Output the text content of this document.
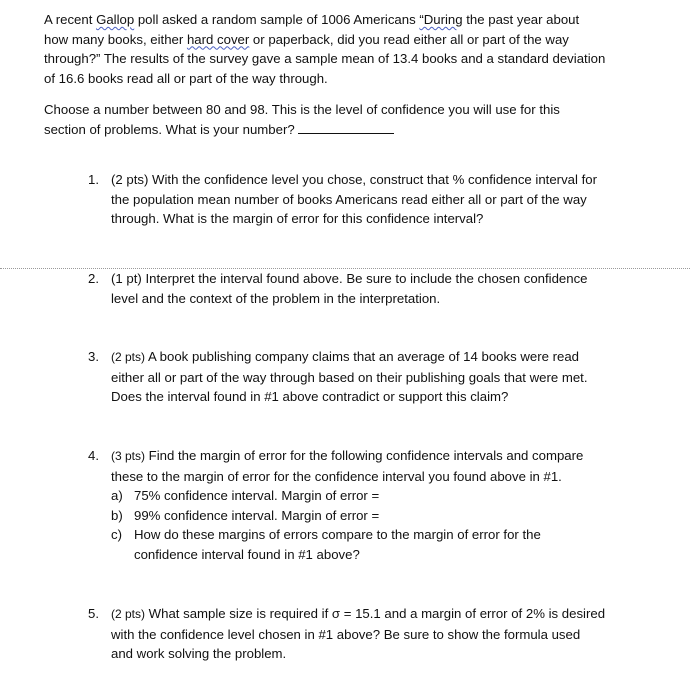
A recent Gallop poll asked a random sample of 1006 Americans “During the past year about
how many books, either hard cover or paperback, did you read either all or part of the way
through?” The results of the survey gave a sample mean of 13.4 books and a standard deviation
of 16.6 books read all or part of the way through.
Choose a number between 80 and 98. This is the level of confidence you will use for this
section of problems. What is your number?
1. (2 pts) With the confidence level you chose, construct that % confidence interval for
the population mean number of books Americans read either all or part of the way
through. What is the margin of error for this confidence interval?
2. (1 pt) Interpret the interval found above. Be sure to include the chosen confidence
level and the context of the problem in the interpretation.
3. (2 pts) A book publishing company claims that an average of 14 books were read
either all or part of the way through based on their publishing goals that were met.
Does the interval found in #1 above contradict or support this claim?
4. (3 pts) Find the margin of error for the following confidence intervals and compare
these to the margin of error for the confidence interval you found above in #1.
a) 75% confidence interval. Margin of error =
b) 99% confidence interval. Margin of error =
c) How do these margins of errors compare to the margin of error for the
confidence interval found in #1 above?
5. (2 pts) What sample size is required if σ = 15.1 and a margin of error of 2% is desired
with the confidence level chosen in #1 above? Be sure to show the formula used
and work solving the problem.
